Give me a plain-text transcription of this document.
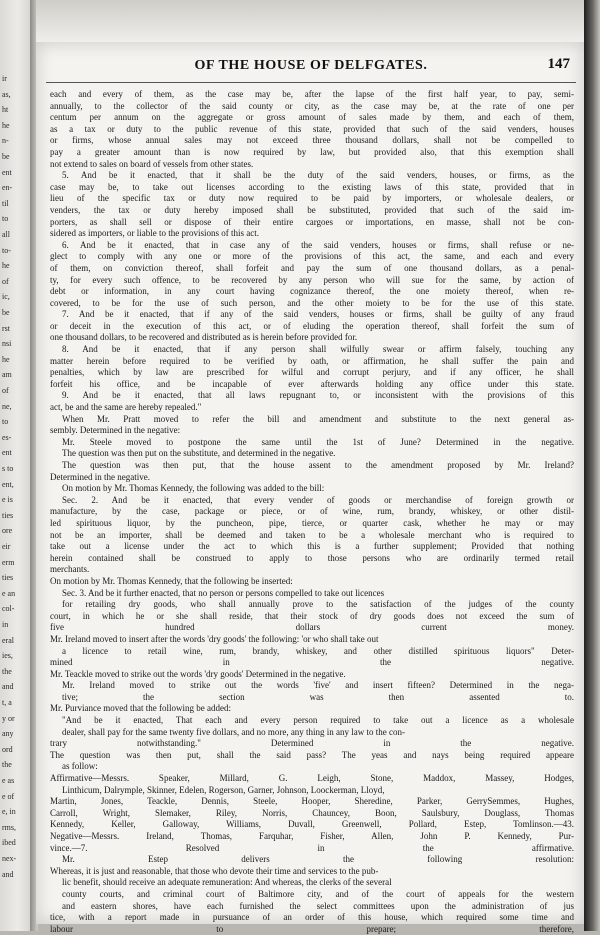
ir
as,
ht
he
n-
be
ent
en-
til
to
all
to-
he
of
ic,
be
rst
nsi
he
am
of
ne,
to
es-
ent
s to
ent,
e is
ties
ore
eir
erm
ties
e an
col-
in
eral
ies,
the
and
t, a
y or
any
ord
the
e as
e of
e, in
rms,
ibed
nex-
and
OF THE HOUSE OF DELFGATES.	147
each and every of them, as the case may be, after the lapse of the first half year, to pay, semi-
annually, to the collector of the said county or city, as the case may be, at the rate of one per
centum per annum on the aggregate or gross amount of sales made by them, and each of them,
as a tax or duty to the public revenue of this state, provided that such of the said venders, houses
or firms, whose annual sales may not exceed three thousand dollars, shall not be compelled to
pay a greater amount than is now required by law, but provided also, that this exemption shall
not extend to sales on board of vessels from other states.
5. And be it enacted, that it shall be the duty of the said venders, houses, or firms, as the
case may be, to take out licenses according to the existing laws of this state, provided that in
lieu of the specific tax or duty now required to be paid by importers, or wholesale dealers, or
venders, the tax or duty hereby imposed shall be substituted, provided that such of the said im-
porters, as shall sell or dispose of their entire cargoes or importations, en masse, shall not be con-
sidered as importers, or liable to the provisions of this act.
6. And be it enacted, that in case any of the said venders, houses or firms, shall refuse or ne-
glect to comply with any one or more of the provisions of this act, the same, and each and every
of them, on conviction thereof, shall forfeit and pay the sum of one thousand dollars, as a penal-
ty, for every such offence, to be recovered by any person who will sue for the same, by action of
debt or information, in any court having cognizance thereof, the one moiety thereof, when re-
covered, to be for the use of such person, and the other moiety to be for the use of this state.
7. And be it enacted, that if any of the said venders, houses or firms, shall be guilty of any fraud
or deceit in the execution of this act, or of eluding the operation thereof, shall forfeit the sum of
one thousand dollars, to be recovered and distributed as is herein before provided for.
8. And be it enacted, that if any person shall wilfully swear or affirm falsely, touching any
matter herein before required to be verified by oath, or affirmation, he shall suffer the pain and
penalties, which by law are prescribed for wilful and corrupt perjury, and if any officer, he shall
forfeit his office, and be incapable of ever afterwards holding any office under this state.
9. And be it enacted, that all laws repugnant to, or inconsistent with the provisions of this
act, be and the same are hereby repealed."
When Mr. Pratt moved to refer the bill and amendment and substitute to the next general as-
sembly. Determined in the negative:
Mr. Steele moved to postpone the same until the 1st of June? Determined in the negative.
The question was then put on the substitute, and determined in the negative.
The question was then put, that the house assent to the amendment proposed by Mr. Ireland?
Determined in the negative.
On motion by Mr. Thomas Kennedy, the following was added to the bill:
Sec. 2. And be it enacted, that every vender of goods or merchandise of foreign growth or
manufacture, by the case, package or piece, or of wine, rum, brandy, whiskey, or other distil-
led spirituous liquor, by the puncheon, pipe, tierce, or quarter cask, whether he may or may
not be an importer, shall be deemed and taken to be a wholesale merchant who is required to
take out a license under the act to which this is a further supplement; Provided that nothing
herein contained shall be construed to apply to those persons who are ordinarily termed retail
merchants.
On motion by Mr. Thomas Kennedy, that the following be inserted:
Sec. 3. And be it further enacted, that no person or persons compelled to take out licences
for retailing dry goods, who shall annually prove to the satisfaction of the judges of the county
court, in which he or she shall reside, that their stock of dry goods does not exceed the sum of
five hundred dollars current money.
Mr. Ireland moved to insert after the words 'dry goods' the following: 'or who shall take out
a licence to retail wine, rum, brandy, whiskey, and other distilled spirituous liquors" Deter-
mined in the negative.
Mr. Teackle moved to strike out the words 'dry goods' Determined in the negative.
Mr. Ireland moved to strike out the words 'five' and insert fifteen? Determined in the nega-
tive; the section was then assented to.
Mr. Purviance moved that the following be added:
"And be it enacted, That each and every person required to take out a licence as a wholesale
dealer, shall pay for the same twenty five dollars, and no more, any thing in any law to the con-
trary notwithstanding." Determined in the negative.
The question was then put, shall the said pass? The yeas and nays being required appeare
as follow:
Affirmative—Messrs. Speaker, Millard, G. Leigh, Stone, Maddox, Massey, Hodges,
Linthicum, Dalrymple, Skinner, Edelen, Rogerson, Garner, Johnson, Loockerman, Lloyd,
Martin, Jones, Teackle, Dennis, Steele, Hooper, Sheredine, Parker, GerrySemmes, Hughes,
Carroll, Wright, Slemaker, Riley, Norris, Chauncey, Boon, Saulsbury, Douglass, Thomas
Kennedy, Keller, Galloway, Williams, Duvall, Greenwell, Pollard, Estep, Tomlinson.—43.
Negative—Messrs. Ireland, Thomas, Farquhar, Fisher, Allen, John P. Kennedy, Pur-
vince.—7. Resolved in the affirmative.
Mr. Estep delivers the following resolution:
Whereas, it is just and reasonable, that those who devote their time and services to the pub-
lic benefit, should receive an adequate remuneration: And whereas, the clerks of the several
county courts, and criminal court of Baltimore city, and of the court of appeals for the western
and eastern shores, have each furnished the select committees upon the administration of jus
tice, with a report made in pursuance of an order of this house, which required some time and
labour to prepare; therefore,
